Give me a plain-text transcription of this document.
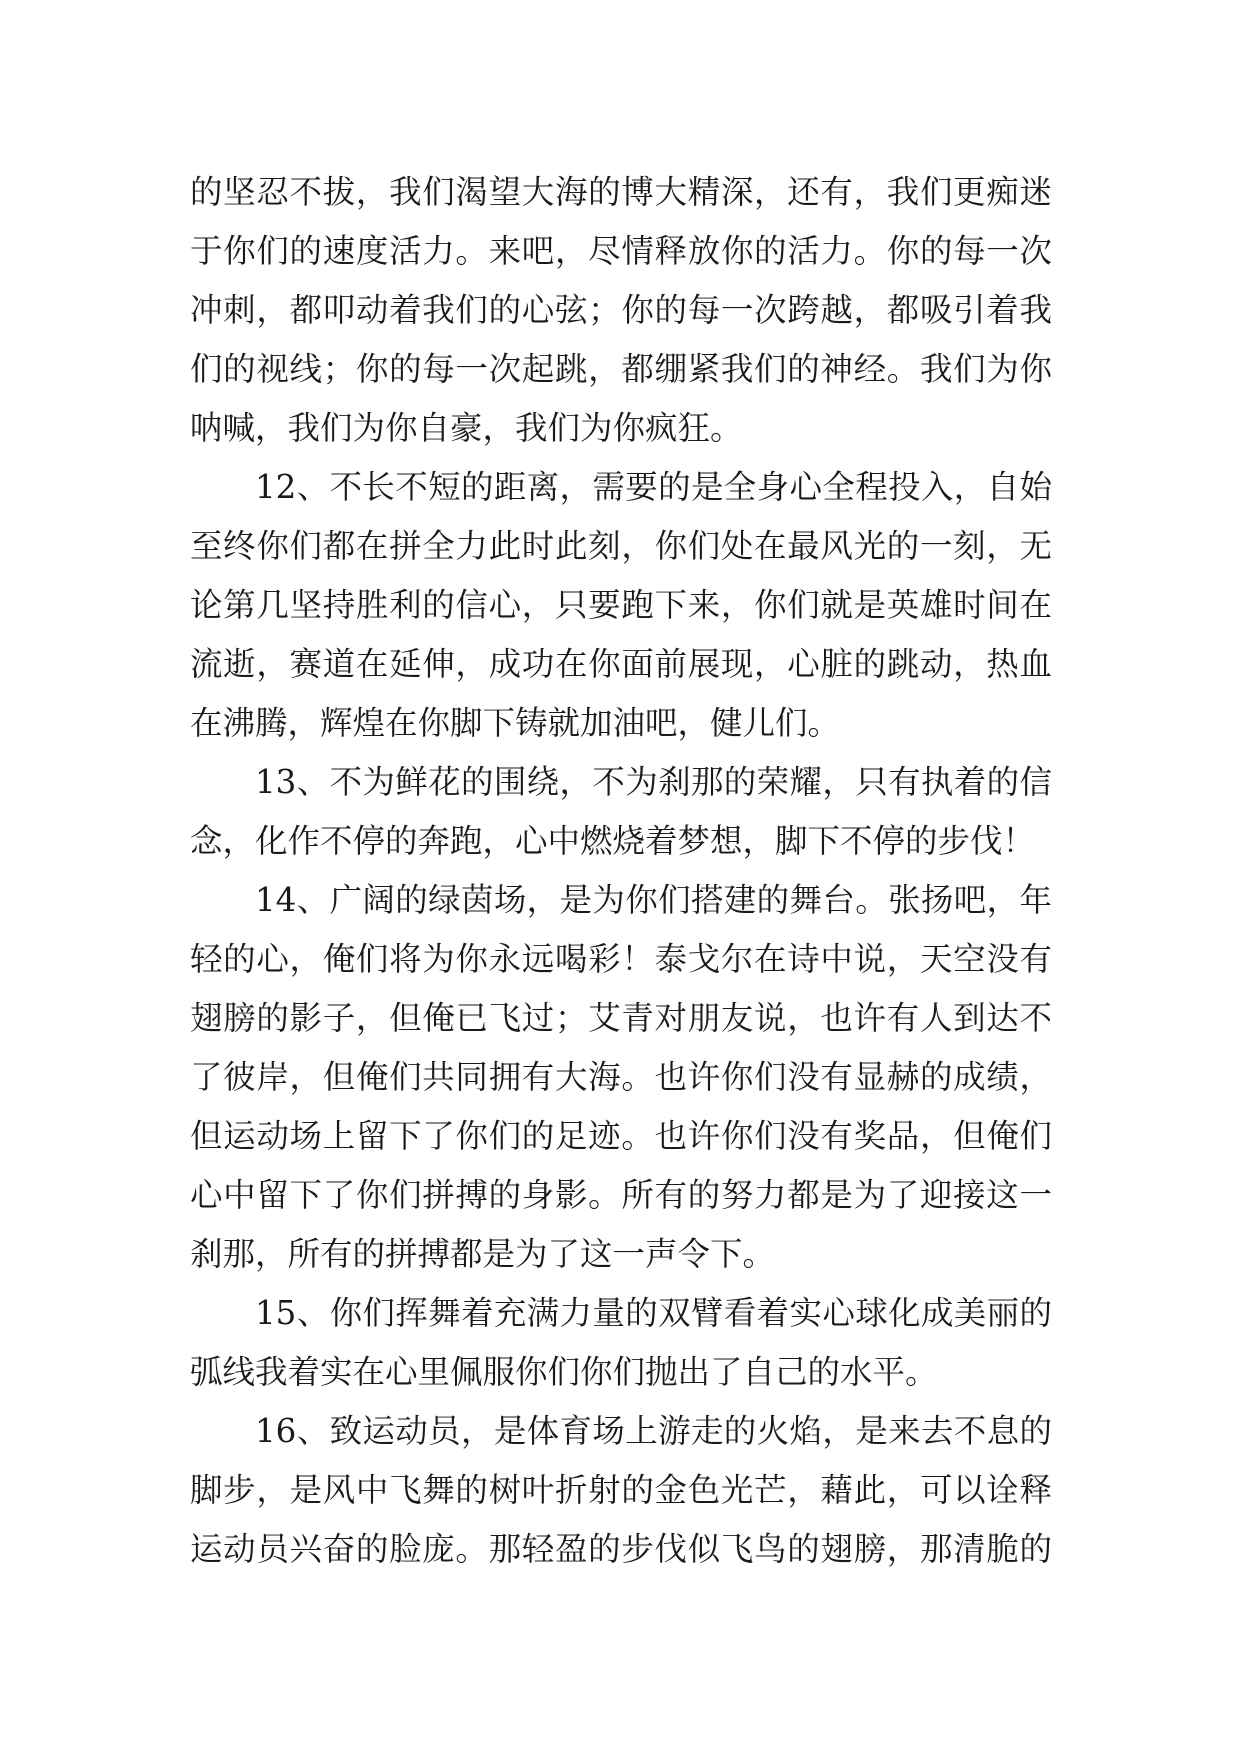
的坚忍不拔，我们渴望大海的博大精深，还有，我们更痴迷
于你们的速度活力。来吧，尽情释放你的活力。你的每一次
冲刺，都叩动着我们的心弦；你的每一次跨越，都吸引着我
们的视线；你的每一次起跳，都绷紧我们的神经。我们为你
呐喊，我们为你自豪，我们为你疯狂。
12、不长不短的距离，需要的是全身心全程投入，自始
至终你们都在拼全力此时此刻，你们处在最风光的一刻，无
论第几坚持胜利的信心，只要跑下来，你们就是英雄时间在
流逝，赛道在延伸，成功在你面前展现，心脏的跳动，热血
在沸腾，辉煌在你脚下铸就加油吧，健儿们。
13、不为鲜花的围绕，不为刹那的荣耀，只有执着的信
念，化作不停的奔跑，心中燃烧着梦想，脚下不停的步伐！
14、广阔的绿茵场，是为你们搭建的舞台。张扬吧，年
轻的心，俺们将为你永远喝彩！泰戈尔在诗中说，天空没有
翅膀的影子，但俺已飞过；艾青对朋友说，也许有人到达不
了彼岸，但俺们共同拥有大海。也许你们没有显赫的成绩，
但运动场上留下了你们的足迹。也许你们没有奖品，但俺们
心中留下了你们拼搏的身影。所有的努力都是为了迎接这一
刹那，所有的拼搏都是为了这一声令下。
15、你们挥舞着充满力量的双臂看着实心球化成美丽的
弧线我着实在心里佩服你们你们抛出了自己的水平。
16、致运动员，是体育场上游走的火焰，是来去不息的
脚步，是风中飞舞的树叶折射的金色光芒，藉此，可以诠释
运动员兴奋的脸庞。那轻盈的步伐似飞鸟的翅膀，那清脆的
